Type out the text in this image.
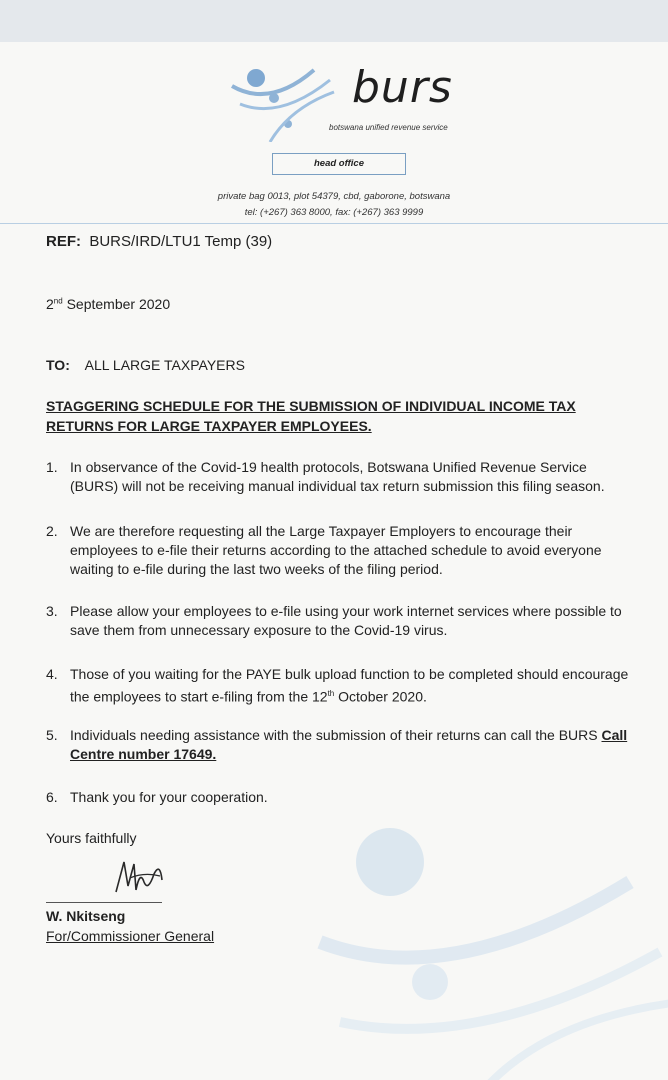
burs
botswana unified revenue service
head office
private bag 0013, plot 54379, cbd, gaborone, botswana
tel: (+267) 363 8000, fax: (+267) 363 9999
REF: BURS/IRD/LTU1 Temp (39)
2nd September 2020
TO: ALL LARGE TAXPAYERS
STAGGERING SCHEDULE FOR THE SUBMISSION OF INDIVIDUAL INCOME TAX
RETURNS FOR LARGE TAXPAYER EMPLOYEES.
1. In observance of the Covid-19 health protocols, Botswana Unified Revenue Service
(BURS) will not be receiving manual individual tax return submission this filing season.
2. We are therefore requesting all the Large Taxpayer Employers to encourage their
employees to e-file their returns according to the attached schedule to avoid everyone
waiting to e-file during the last two weeks of the filing period.
3. Please allow your employees to e-file using your work internet services where possible to
save them from unnecessary exposure to the Covid-19 virus.
4. Those of you waiting for the PAYE bulk upload function to be completed should encourage
the employees to start e-filing from the 12th October 2020.
5. Individuals needing assistance with the submission of their returns can call the BURS Call
Centre number 17649.
6. Thank you for your cooperation.
Yours faithfully
W. Nkitseng
For/Commissioner General
